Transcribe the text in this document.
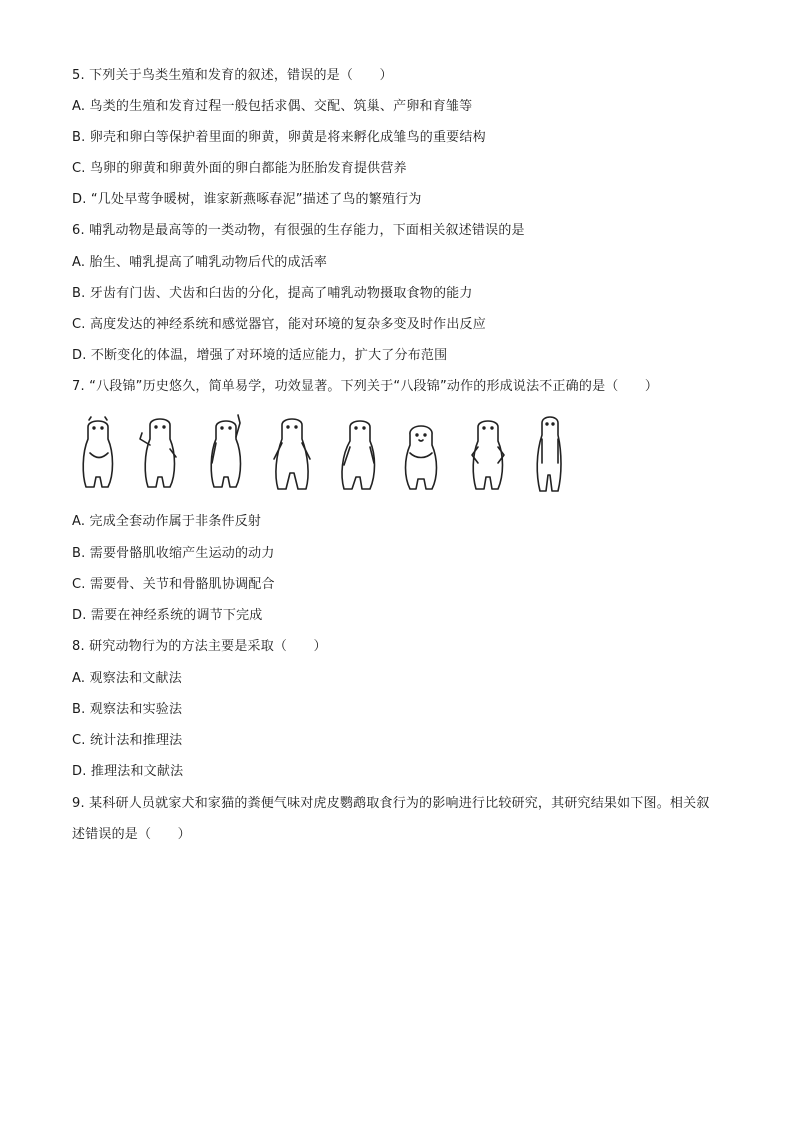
5. 下列关于鸟类生殖和发育的叙述，错误的是（　　）
A. 鸟类的生殖和发育过程一般包括求偶、交配、筑巢、产卵和育雏等
B. 卵壳和卵白等保护着里面的卵黄，卵黄是将来孵化成雏鸟的重要结构
C. 鸟卵的卵黄和卵黄外面的卵白都能为胚胎发育提供营养
D. “几处早莺争暖树，谁家新燕啄春泥”描述了鸟的繁殖行为
6. 哺乳动物是最高等的一类动物，有很强的生存能力，下面相关叙述错误的是
A. 胎生、哺乳提高了哺乳动物后代的成活率
B. 牙齿有门齿、犬齿和臼齿的分化，提高了哺乳动物摄取食物的能力
C. 高度发达的神经系统和感觉器官，能对环境的复杂多变及时作出反应
D. 不断变化的体温，增强了对环境的适应能力，扩大了分布范围
7. “八段锦”历史悠久，简单易学，功效显著。下列关于“八段锦”动作的形成说法不正确的是（　　）
A. 完成全套动作属于非条件反射
B. 需要骨骼肌收缩产生运动的动力
C. 需要骨、关节和骨骼肌协调配合
D. 需要在神经系统的调节下完成
8. 研究动物行为的方法主要是采取（　　）
A. 观察法和文献法
B. 观察法和实验法
C. 统计法和推理法
D. 推理法和文献法
9. 某科研人员就家犬和家猫的粪便气味对虎皮鹦鹉取食行为的影响进行比较研究，其研究结果如下图。相关叙述错误的是（　　）
